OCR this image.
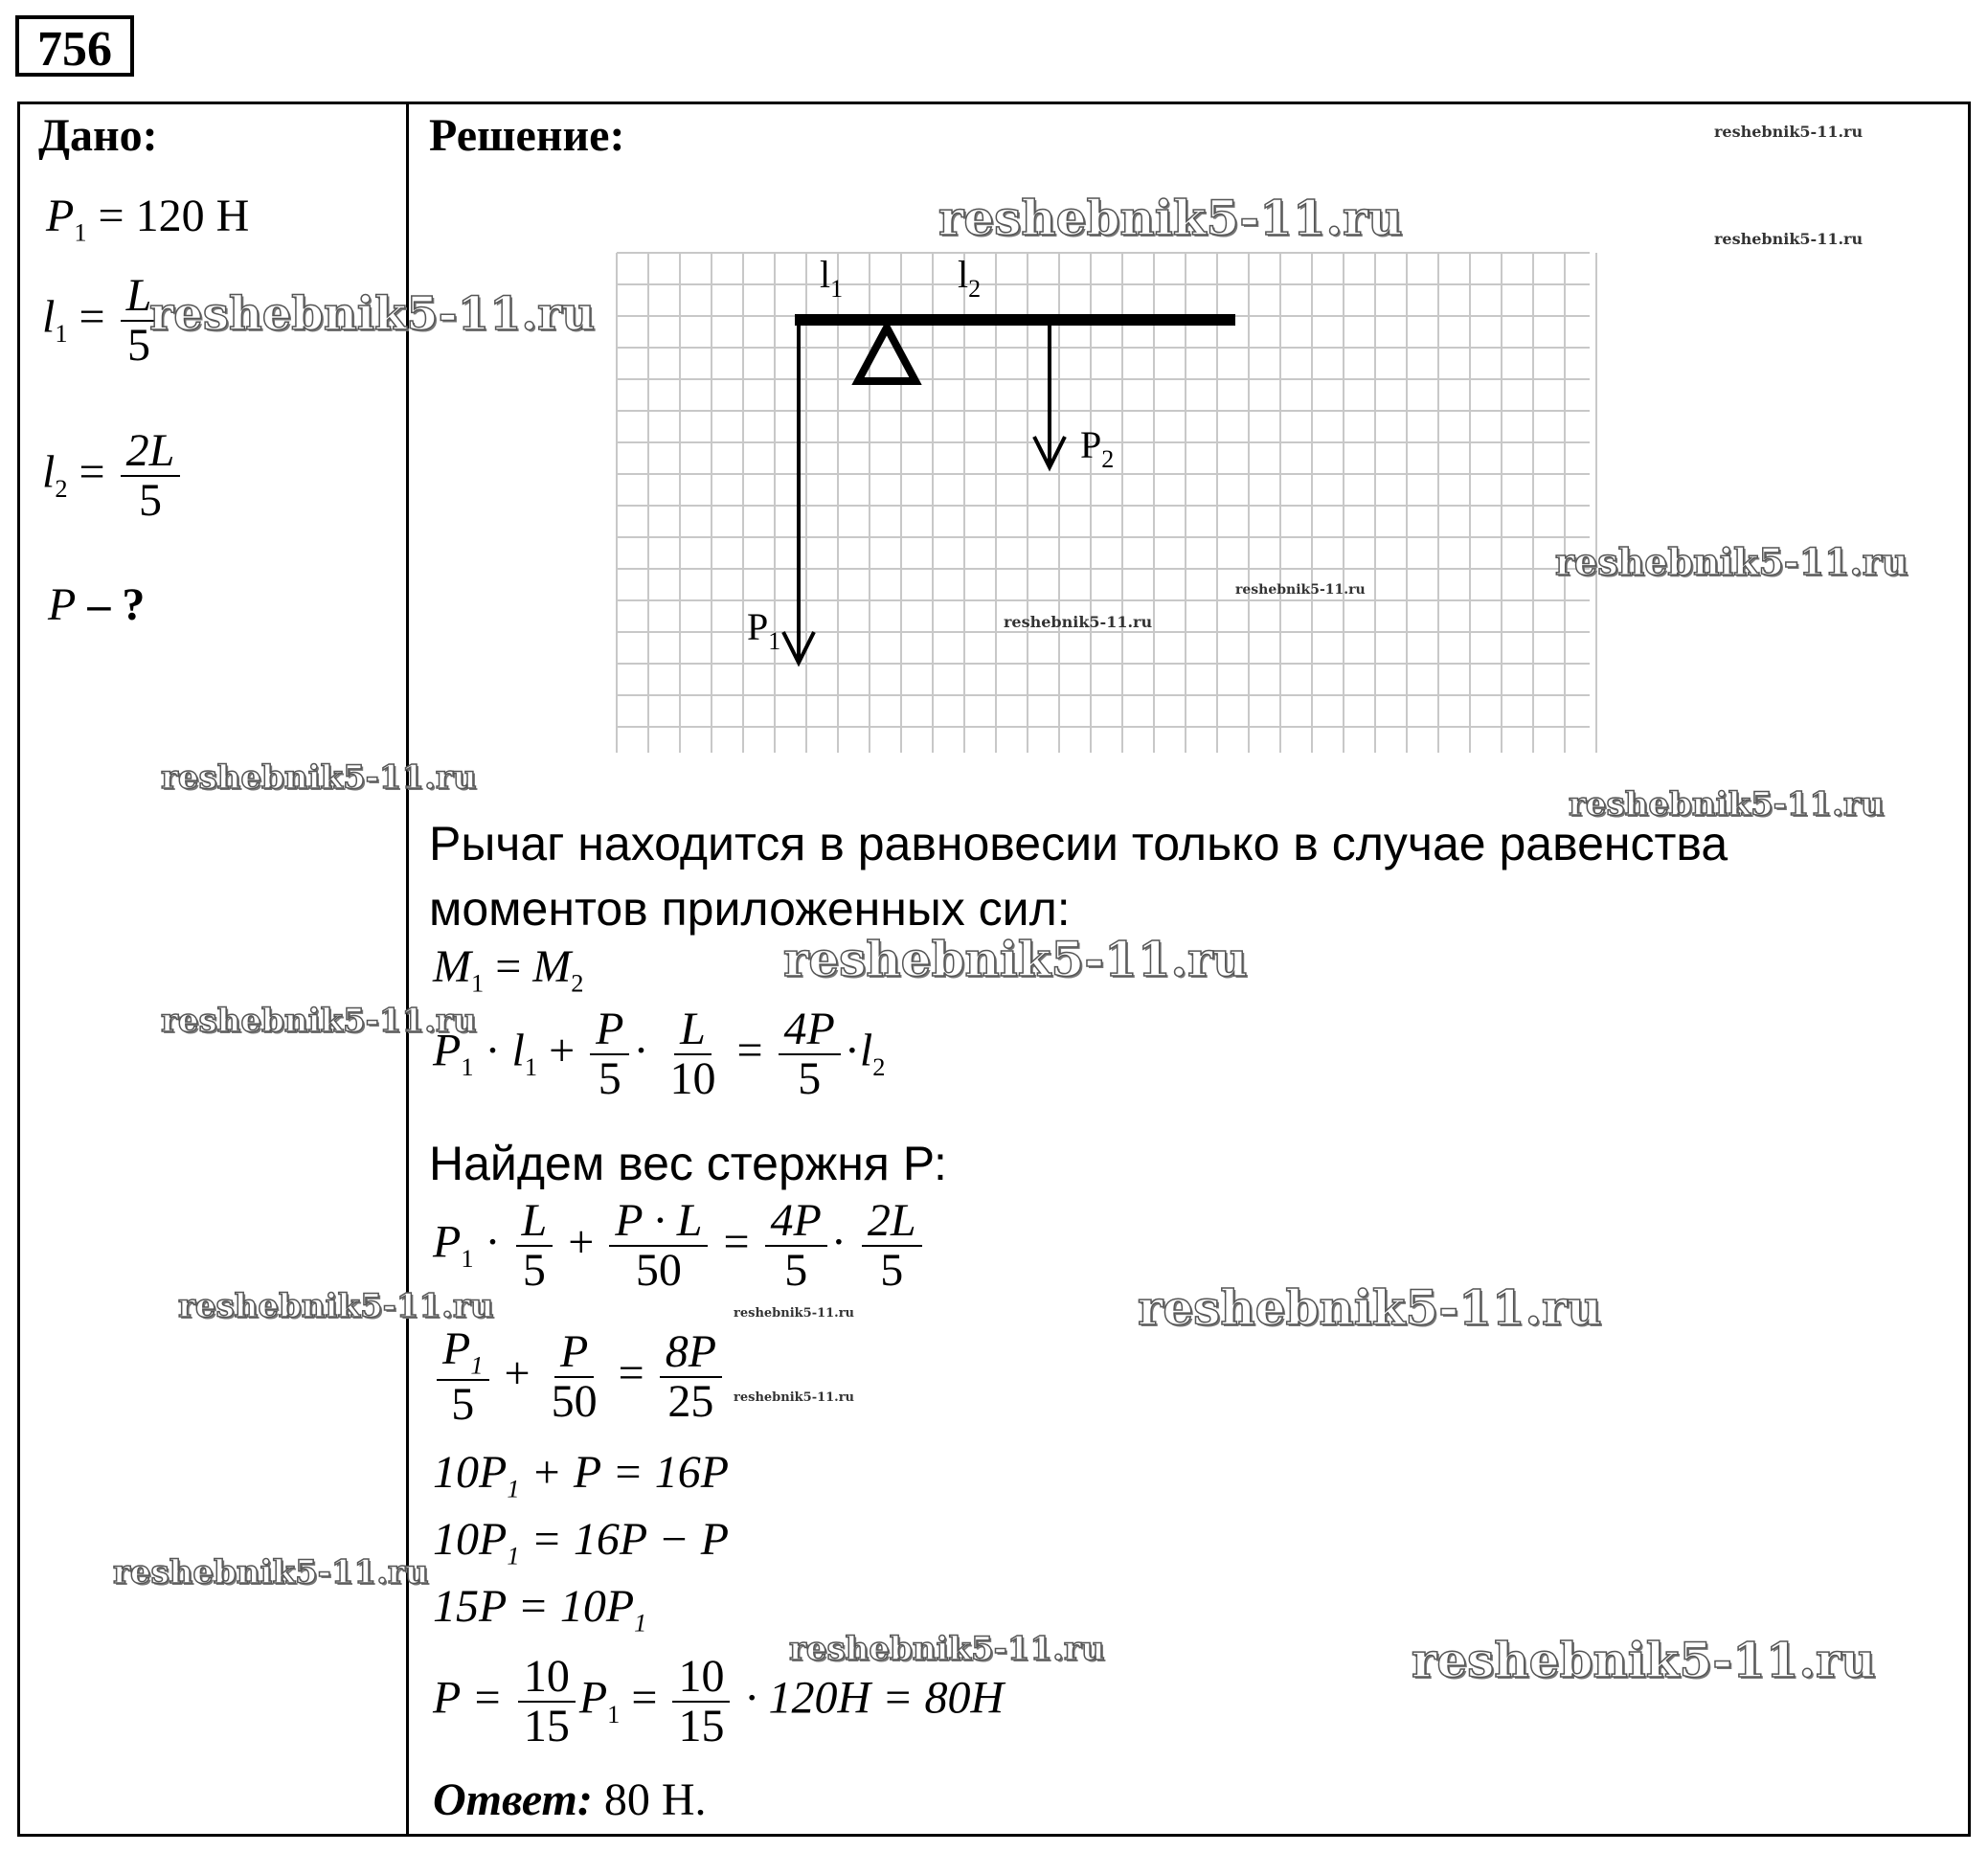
756
Дано:
$P_1 = 120$ Н
$l_1 = \frac{L}{5}$
$l_2 = \frac{2L}{5}$
P – ?
Решение:
$l_1$	$l_2$
$P_1$
$P_2$
Рычаг находится в равновесии только в случае равенства
моментов приложенных сил:
$M_1 = M_2$
$P_1 \cdot l_1 + \frac{P}{5} \cdot \frac{L}{10} = \frac{4P}{5} \cdot l_2$
Найдем вес стержня Р:
$P_1 \cdot \frac{L}{5} + \frac{P \cdot L}{50} = \frac{4P}{5} \cdot \frac{2L}{5}$
$\frac{P_1}{5} + \frac{P}{50} = \frac{8P}{25}$
$10P_1 + P = 16P$
$10P_1 = 16P - P$
$15P = 10P_1$
$P = \frac{10}{15} P_1 = \frac{10}{15} \cdot 120H = 80H$
Ответ: 80 Н.
reshebnik5-11.ru
reshebnik5-11.ru
reshebnik5-11.ru
reshebnik5-11.ru
reshebnik5-11.ru
reshebnik5-11.ru
reshebnik5-11.ru
reshebnik5-11.ru	reshebnik5-11.ru
reshebnik5-11.ru
reshebnik5-11.ru	reshebnik5-11.ru
reshebnik5-11.ru
reshebnik5-11.ru
reshebnik5-11.ru
reshebnik5-11.ru
reshebnik5-11.ru
reshebnik5-11.ru
